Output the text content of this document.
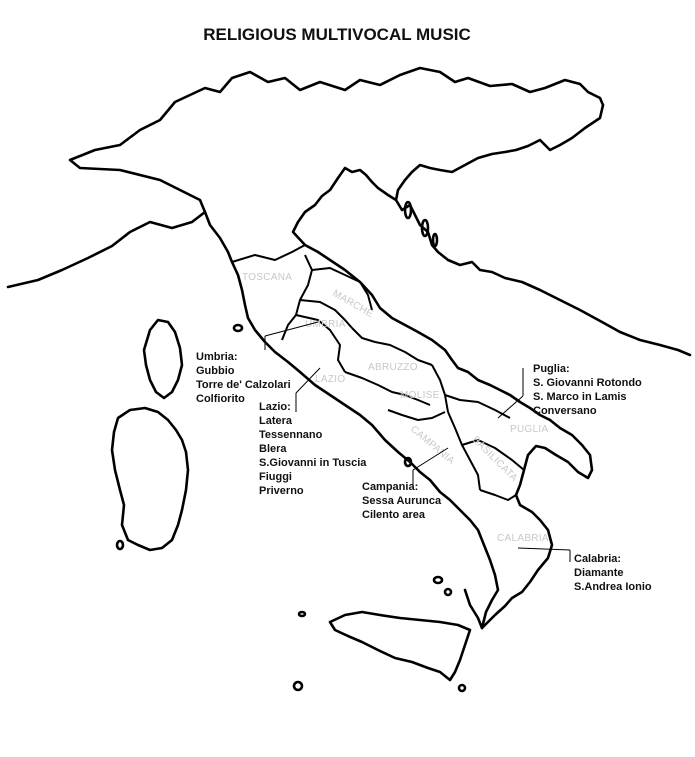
RELIGIOUS MULTIVOCAL MUSIC
TOSCANA
MARCHE
UMBRIA
LAZIO
ABRUZZO
MOLISE
CAMPANIA	PUGLIA
BASILICATA
CALABRIA
Umbria:
Gubbio
Torre de' Calzolari
Colfiorito
Lazio:
Latera
Tessennano
Blera
S.Giovanni in Tuscia
Fiuggi
Priverno	Campania:
Sessa Aurunca
Cilento area
Puglia:
S. Giovanni Rotondo
S. Marco in Lamis
Conversano
Calabria:
Diamante
S.Andrea Ionio
